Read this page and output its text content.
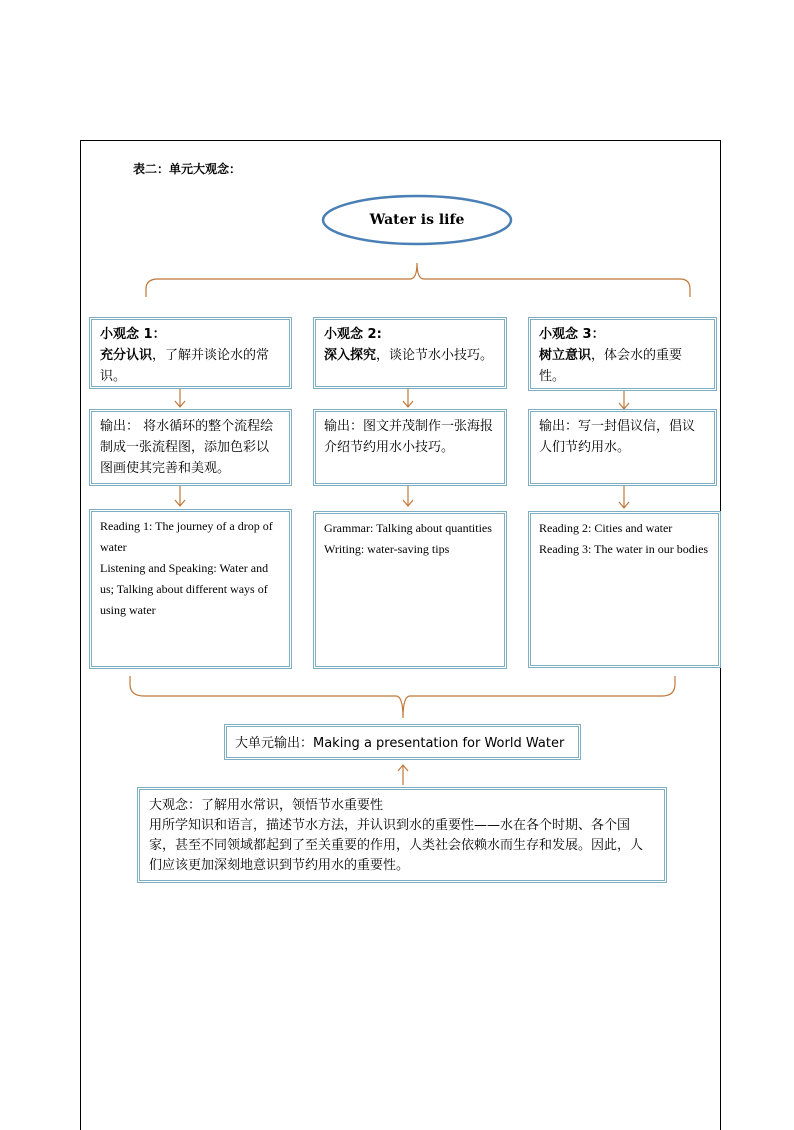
表二：单元大观念：
Water is life
小观念 1：
充分认识，了解并谈论水的常识。
小观念 2:
深入探究，谈论节水小技巧。
小观念 3：
树立意识，体会水的重要性。
输出： 将水循环的整个流程绘制成一张流程图，添加色彩以图画使其完善和美观。
输出：图文并茂制作一张海报介绍节约用水小技巧。
输出：写一封倡议信，倡议人们节约用水。
Reading 1: The journey of a drop of water
Listening and Speaking: Water and us; Talking about different ways of using water
Grammar: Talking about quantities
Writing: water-saving tips
Reading 2: Cities and water
Reading 3: The water in our bodies
大单元输出：Making a presentation for World Water
大观念：了解用水常识，领悟节水重要性
用所学知识和语言，描述节水方法，并认识到水的重要性——水在各个时期、各个国家，甚至不同领域都起到了至关重要的作用，人类社会依赖水而生存和发展。因此，人们应该更加深刻地意识到节约用水的重要性。
